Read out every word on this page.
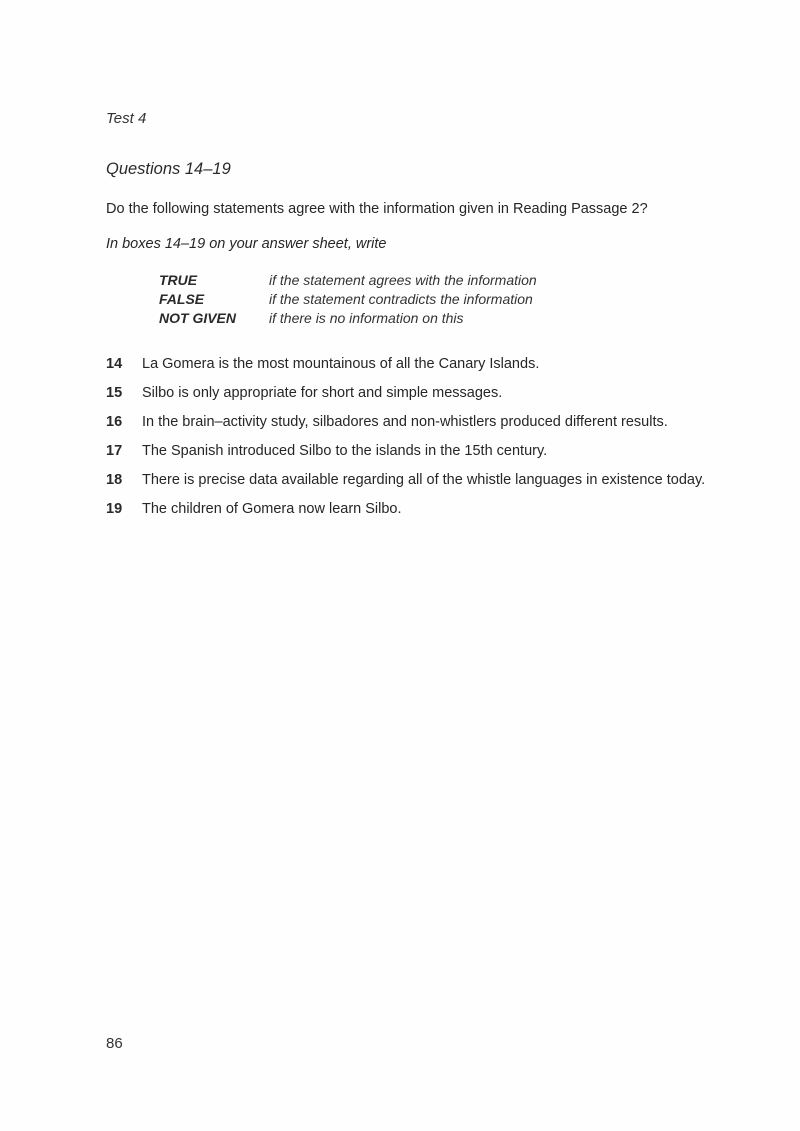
Test 4
Questions 14–19
Do the following statements agree with the information given in Reading Passage 2?
In boxes 14–19 on your answer sheet, write
TRUE	if the statement agrees with the information
FALSE	if the statement contradicts the information
NOT GIVEN	if there is no information on this
14 La Gomera is the most mountainous of all the Canary Islands.
15 Silbo is only appropriate for short and simple messages.
16 In the brain–activity study, silbadores and non-whistlers produced different results.
17 The Spanish introduced Silbo to the islands in the 15th century.
18 There is precise data available regarding all of the whistle languages in existence today.
19 The children of Gomera now learn Silbo.
86
